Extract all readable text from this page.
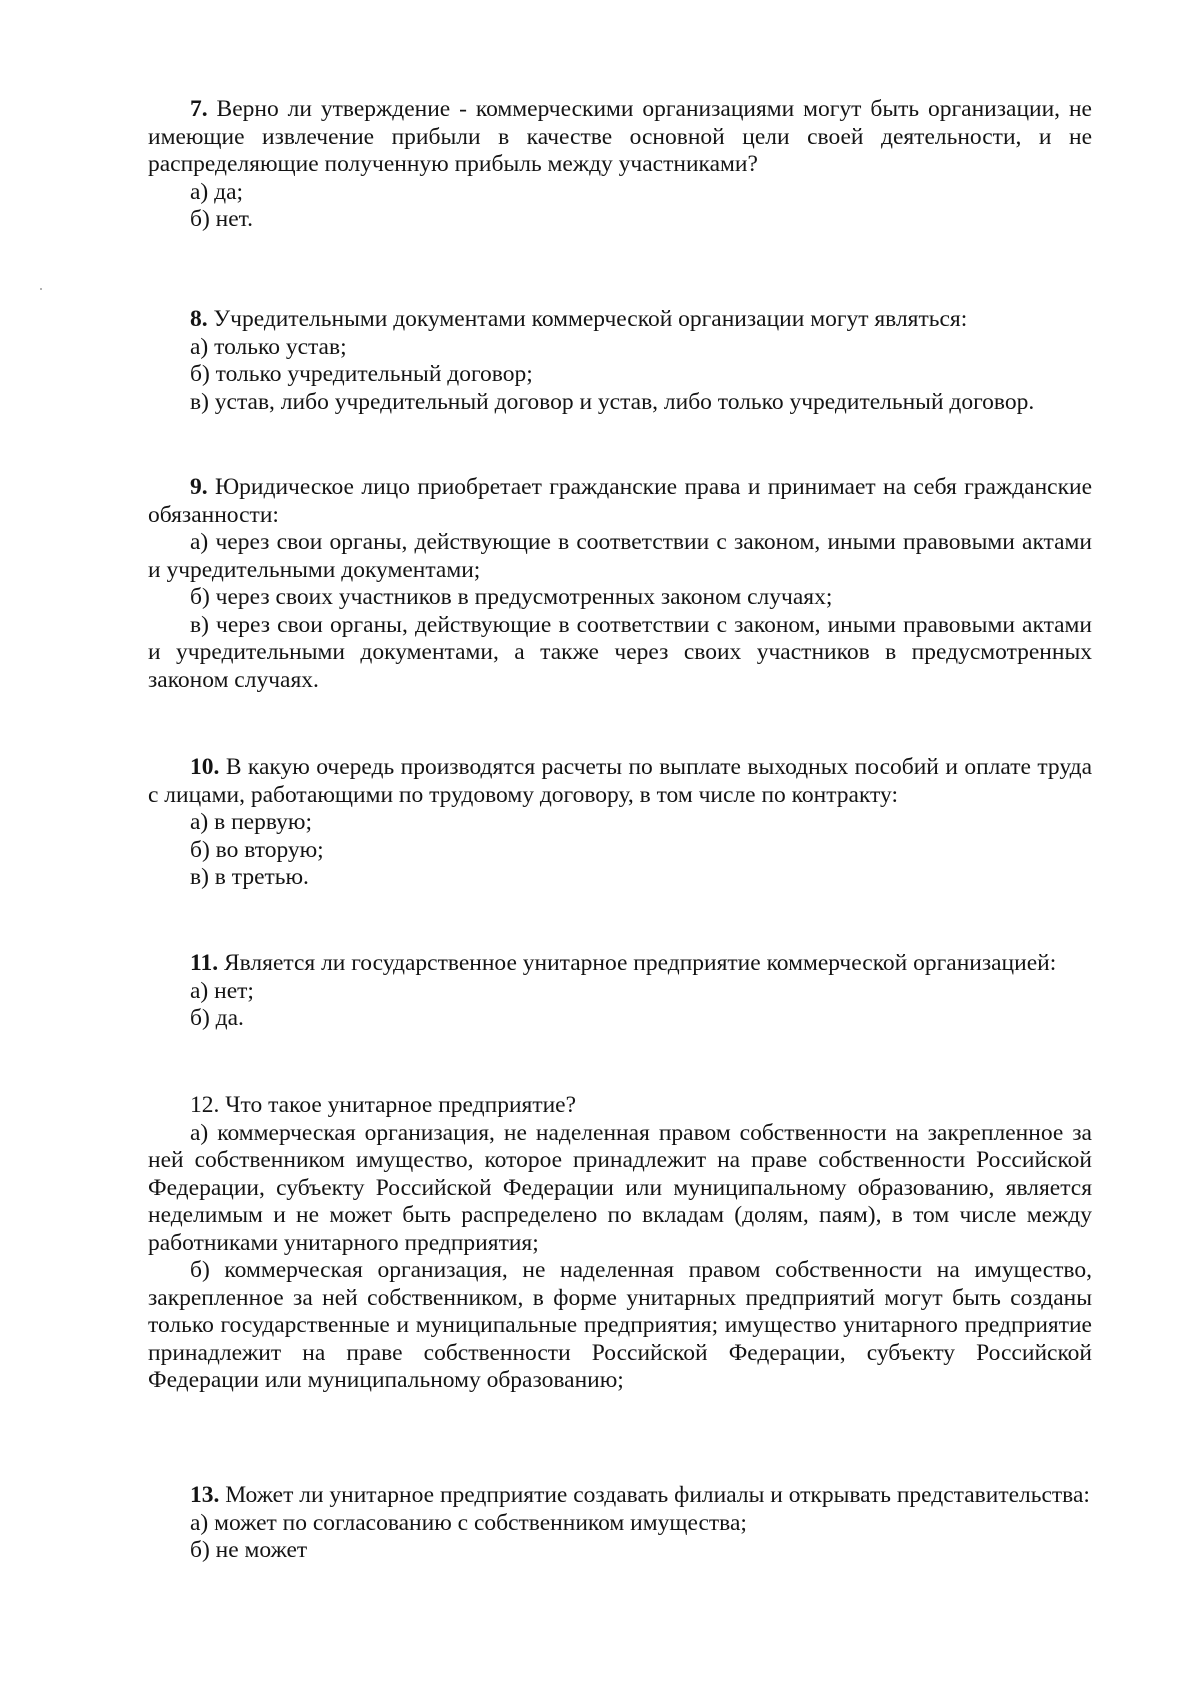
7. Верно ли утверждение - коммерческими организациями могут быть организации, не имеющие извлечение прибыли в качестве основной цели своей деятельности, и не распределяющие полученную прибыль между участниками?

а) да;

б) нет.

8. Учредительными документами коммерческой организации могут являться:

а) только устав;

б) только учредительный договор;

в) устав, либо учредительный договор и устав, либо только учредительный договор.

9. Юридическое лицо приобретает гражданские права и принимает на себя гражданские обязанности:

а) через свои органы, действующие в соответствии с законом, иными правовыми актами и учредительными документами;

б) через своих участников в предусмотренных законом случаях;

в) через свои органы, действующие в соответствии с законом, иными правовыми актами и учредительными документами, а также через своих участников в предусмотренных законом случаях.

10. В какую очередь производятся расчеты по выплате выходных пособий и оплате труда с лицами, работающими по трудовому договору, в том числе по контракту:

а) в первую;

б) во вторую;

в) в третью.

11. Является ли государственное унитарное предприятие коммерческой организацией:

а) нет;

б) да.

12. Что такое унитарное предприятие?

а) коммерческая организация, не наделенная правом собственности на закрепленное за ней собственником имущество, которое принадлежит на праве собственности Российской Федерации, субъекту Российской Федерации или муниципальному образованию, является неделимым и не может быть распределено по вкладам (долям, паям), в том числе между работниками унитарного предприятия;

б) коммерческая организация, не наделенная правом собственности на имущество, закрепленное за ней собственником, в форме унитарных предприятий могут быть созданы только государственные и муниципальные предприятия; имущество унитарного предприятие принадлежит на праве собственности Российской Федерации, субъекту Российской Федерации или муниципальному образованию;

13. Может ли унитарное предприятие создавать филиалы и открывать представительства:

а) может по согласованию с собственником имущества;

б) не может
